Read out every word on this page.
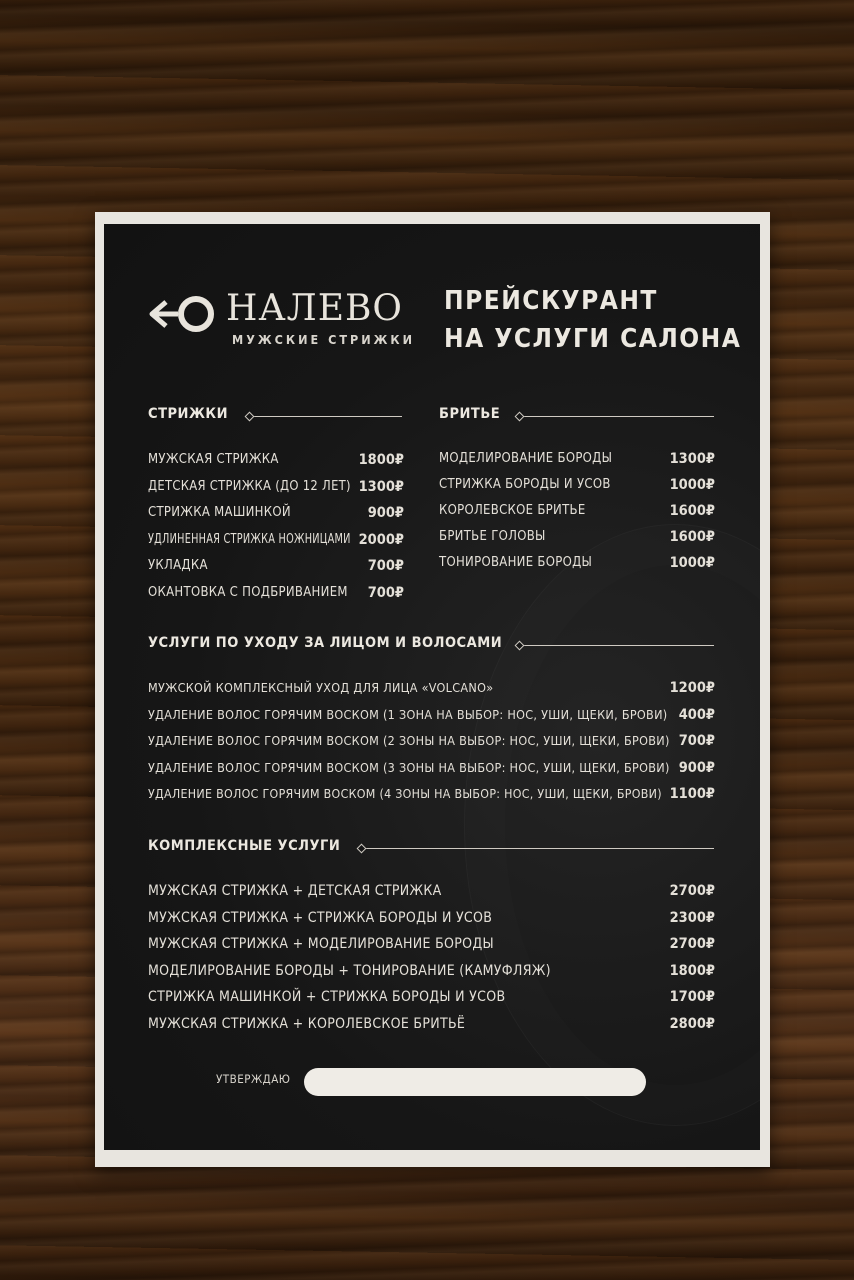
НАЛЕВО
МУЖСКИЕ СТРИЖКИ
ПРЕЙСКУРАНТ
НА УСЛУГИ САЛОНА
СТРИЖКИ
МУЖСКАЯ СТРИЖКА	1800₽
ДЕТСКАЯ СТРИЖКА (ДО 12 ЛЕТ) 1300₽
СТРИЖКА МАШИНКОЙ	900₽
УДЛИНЕННАЯ СТРИЖКА НОЖНИЦАМИ 2000₽
УКЛАДКА	700₽
ОКАНТОВКА С ПОДБРИВАНИЕМ 700₽
БРИТЬЕ
МОДЕЛИРОВАНИЕ БОРОДЫ	1300₽
СТРИЖКА БОРОДЫ И УСОВ	1000₽
КОРОЛЕВСКОЕ БРИТЬЕ	1600₽
БРИТЬЕ ГОЛОВЫ	1600₽
ТОНИРОВАНИЕ БОРОДЫ	1000₽
УСЛУГИ ПО УХОДУ ЗА ЛИЦОМ И ВОЛОСАМИ
МУЖСКОЙ КОМПЛЕКСНЫЙ УХОД ДЛЯ ЛИЦА «VOLCANO»	1200₽
УДАЛЕНИЕ ВОЛОС ГОРЯЧИМ ВОСКОМ (1 ЗОНА НА ВЫБОР: НОС, УШИ, ЩЕКИ, БРОВИ) 400₽
УДАЛЕНИЕ ВОЛОС ГОРЯЧИМ ВОСКОМ (2 ЗОНЫ НА ВЫБОР: НОС, УШИ, ЩЕКИ, БРОВИ) 700₽
УДАЛЕНИЕ ВОЛОС ГОРЯЧИМ ВОСКОМ (3 ЗОНЫ НА ВЫБОР: НОС, УШИ, ЩЕКИ, БРОВИ) 900₽
УДАЛЕНИЕ ВОЛОС ГОРЯЧИМ ВОСКОМ (4 ЗОНЫ НА ВЫБОР: НОС, УШИ, ЩЕКИ, БРОВИ) 1100₽
КОМПЛЕКСНЫЕ УСЛУГИ
МУЖСКАЯ СТРИЖКА + ДЕТСКАЯ СТРИЖКА	2700₽
МУЖСКАЯ СТРИЖКА + СТРИЖКА БОРОДЫ И УСОВ	2300₽
МУЖСКАЯ СТРИЖКА + МОДЕЛИРОВАНИЕ БОРОДЫ	2700₽
МОДЕЛИРОВАНИЕ БОРОДЫ + ТОНИРОВАНИЕ (КАМУФЛЯЖ)	1800₽
СТРИЖКА МАШИНКОЙ + СТРИЖКА БОРОДЫ И УСОВ	1700₽
МУЖСКАЯ СТРИЖКА + КОРОЛЕВСКОЕ БРИТЬЁ	2800₽
УТВЕРЖДАЮ
